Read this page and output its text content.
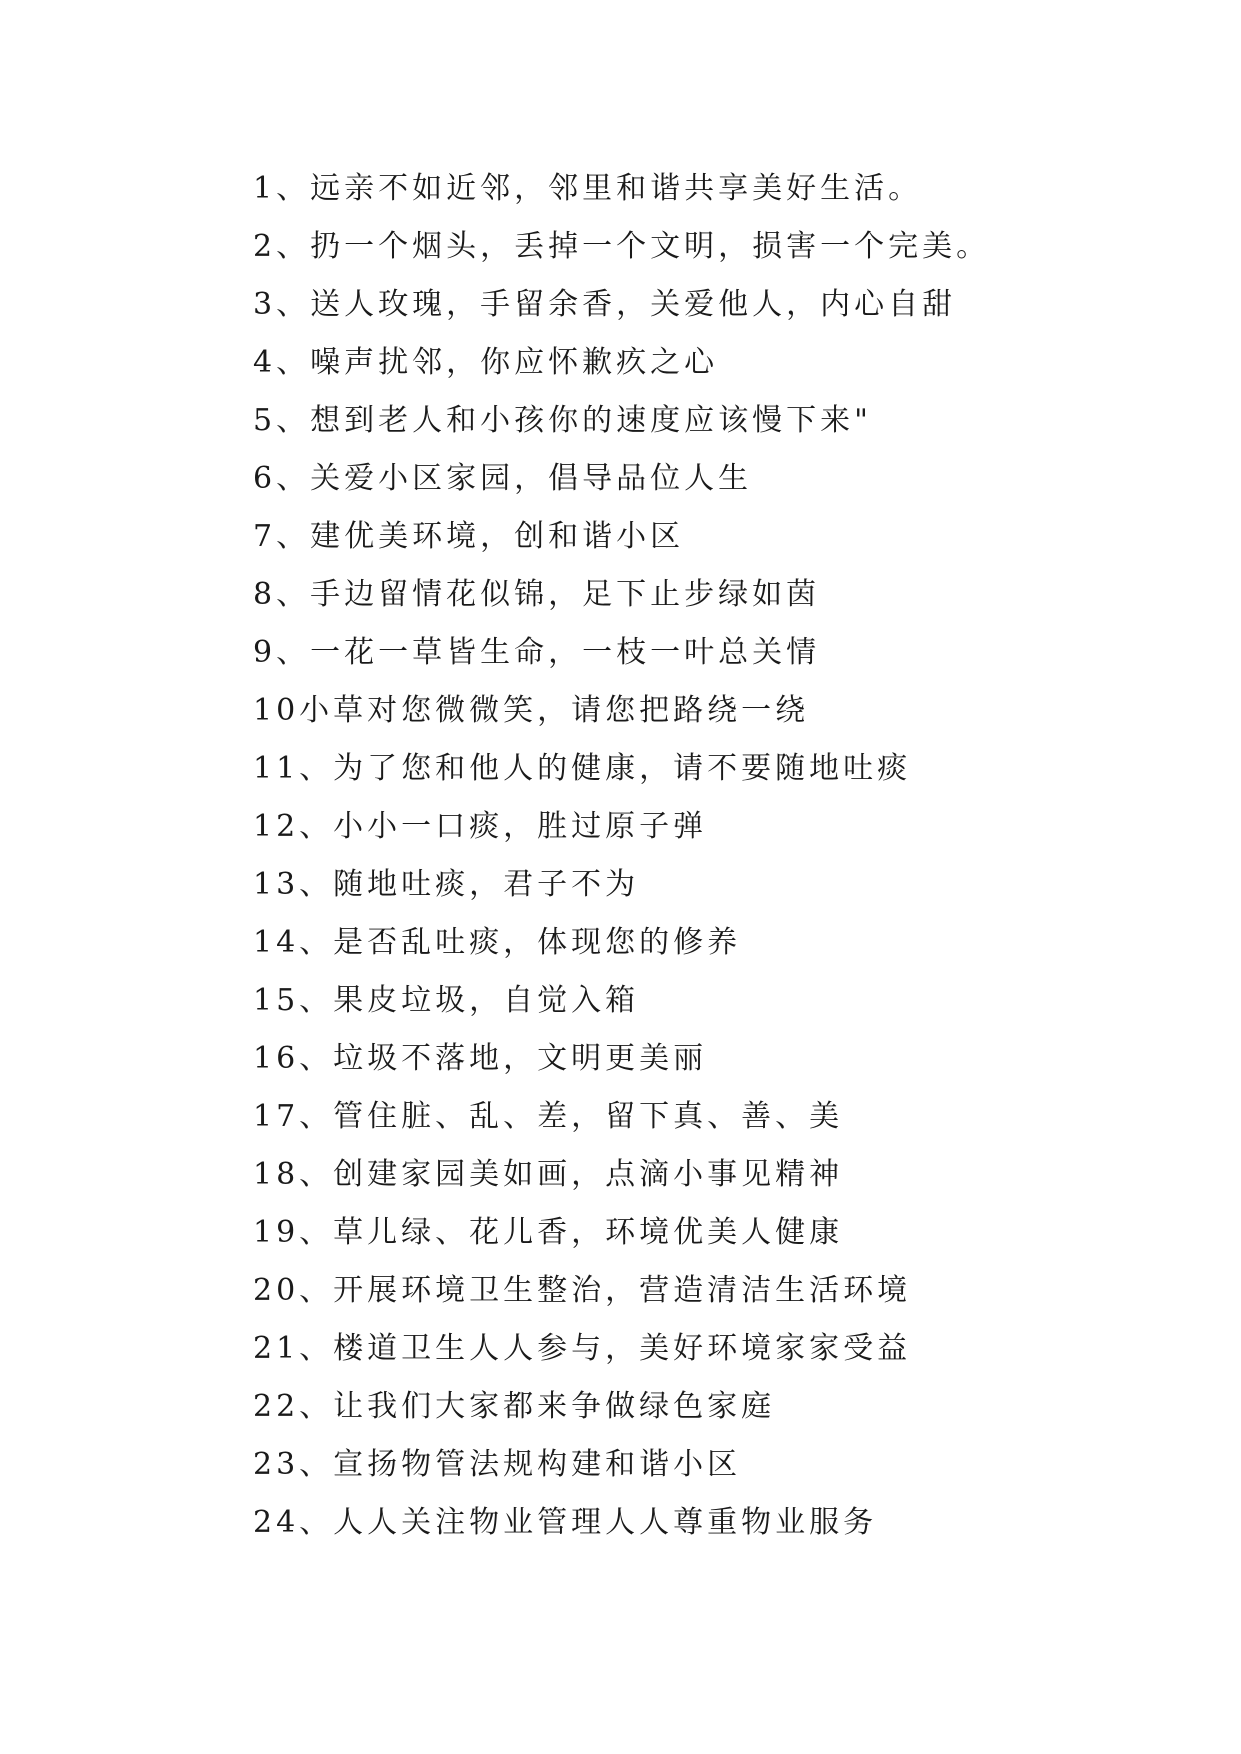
1、远亲不如近邻，邻里和谐共享美好生活。
2、扔一个烟头，丢掉一个文明，损害一个完美。
3、送人玫瑰，手留余香，关爱他人，内心自甜
4、噪声扰邻，你应怀歉疚之心
5、想到老人和小孩你的速度应该慢下来"
6、关爱小区家园，倡导品位人生
7、建优美环境，创和谐小区
8、手边留情花似锦，足下止步绿如茵
9、一花一草皆生命，一枝一叶总关情
10小草对您微微笑，请您把路绕一绕
11、为了您和他人的健康，请不要随地吐痰
12、小小一口痰，胜过原子弹
13、随地吐痰，君子不为
14、是否乱吐痰，体现您的修养
15、果皮垃圾，自觉入箱
16、垃圾不落地，文明更美丽
17、管住脏、乱、差，留下真、善、美
18、创建家园美如画，点滴小事见精神
19、草儿绿、花儿香，环境优美人健康
20、开展环境卫生整治，营造清洁生活环境
21、楼道卫生人人参与，美好环境家家受益
22、让我们大家都来争做绿色家庭
23、宣扬物管法规构建和谐小区
24、人人关注物业管理人人尊重物业服务
